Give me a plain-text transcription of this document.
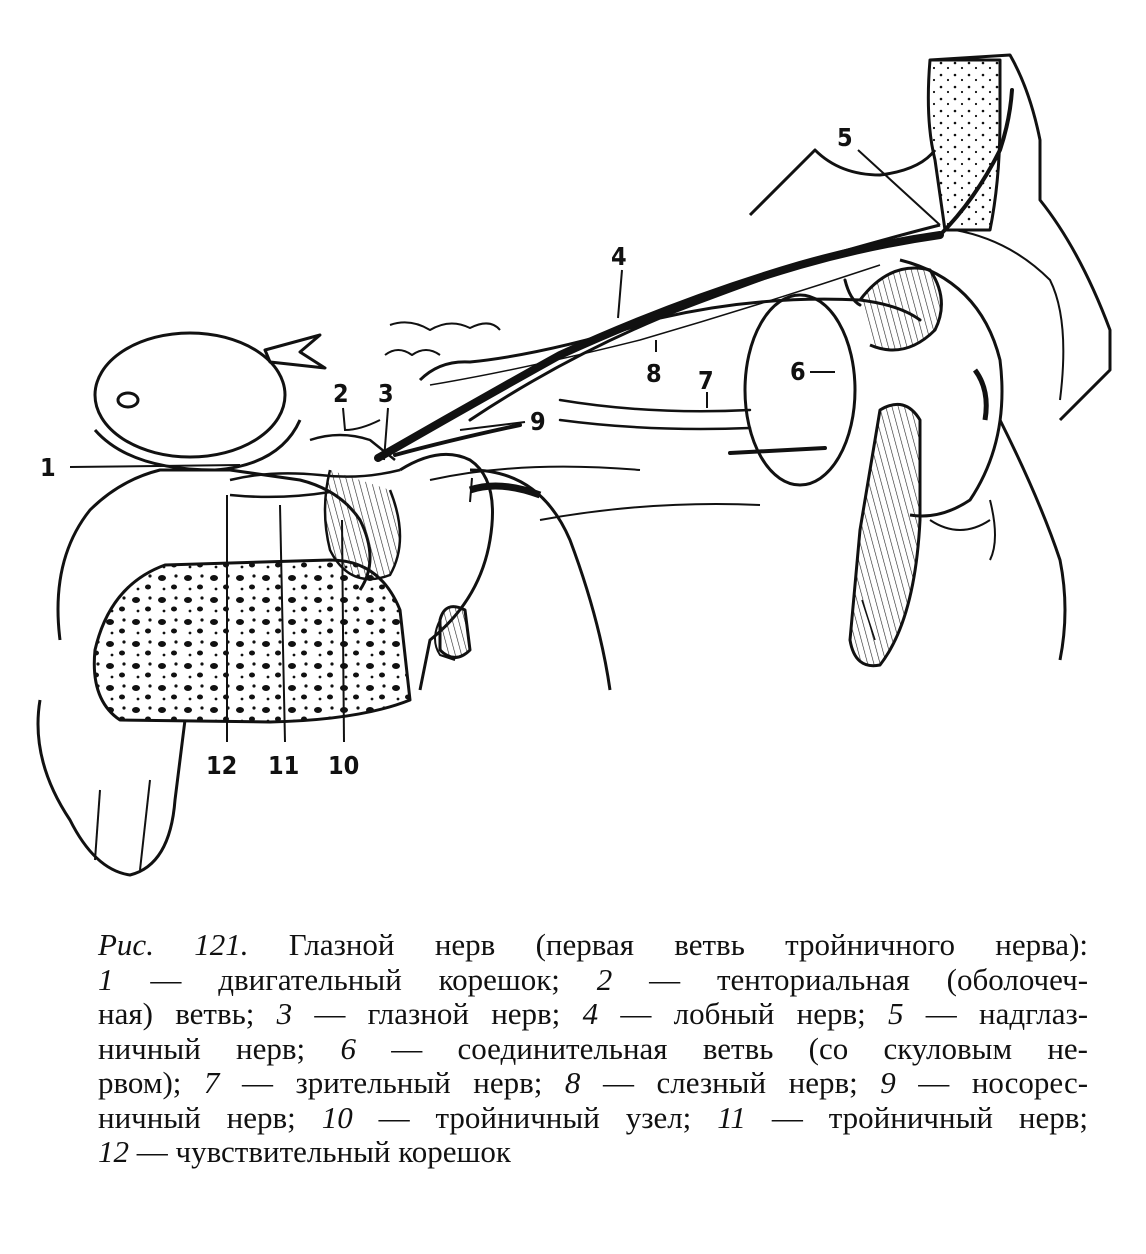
1
2 3
4
5
6
7
8
9
10
11
12
Рис. 121. Глазной нерв (первая ветвь тройничного нерва):
1 — двигательный корешок; 2 — тенториальная (оболочеч-
ная) ветвь; 3 — глазной нерв; 4 — лобный нерв; 5 — надглаз-
ничный нерв; 6 — соединительная ветвь (со скуловым не-
рвом); 7 — зрительный нерв; 8 — слезный нерв; 9 — носорес-
ничный нерв; 10 — тройничный узел; 11 — тройничный нерв;
12 — чувствительный корешок
